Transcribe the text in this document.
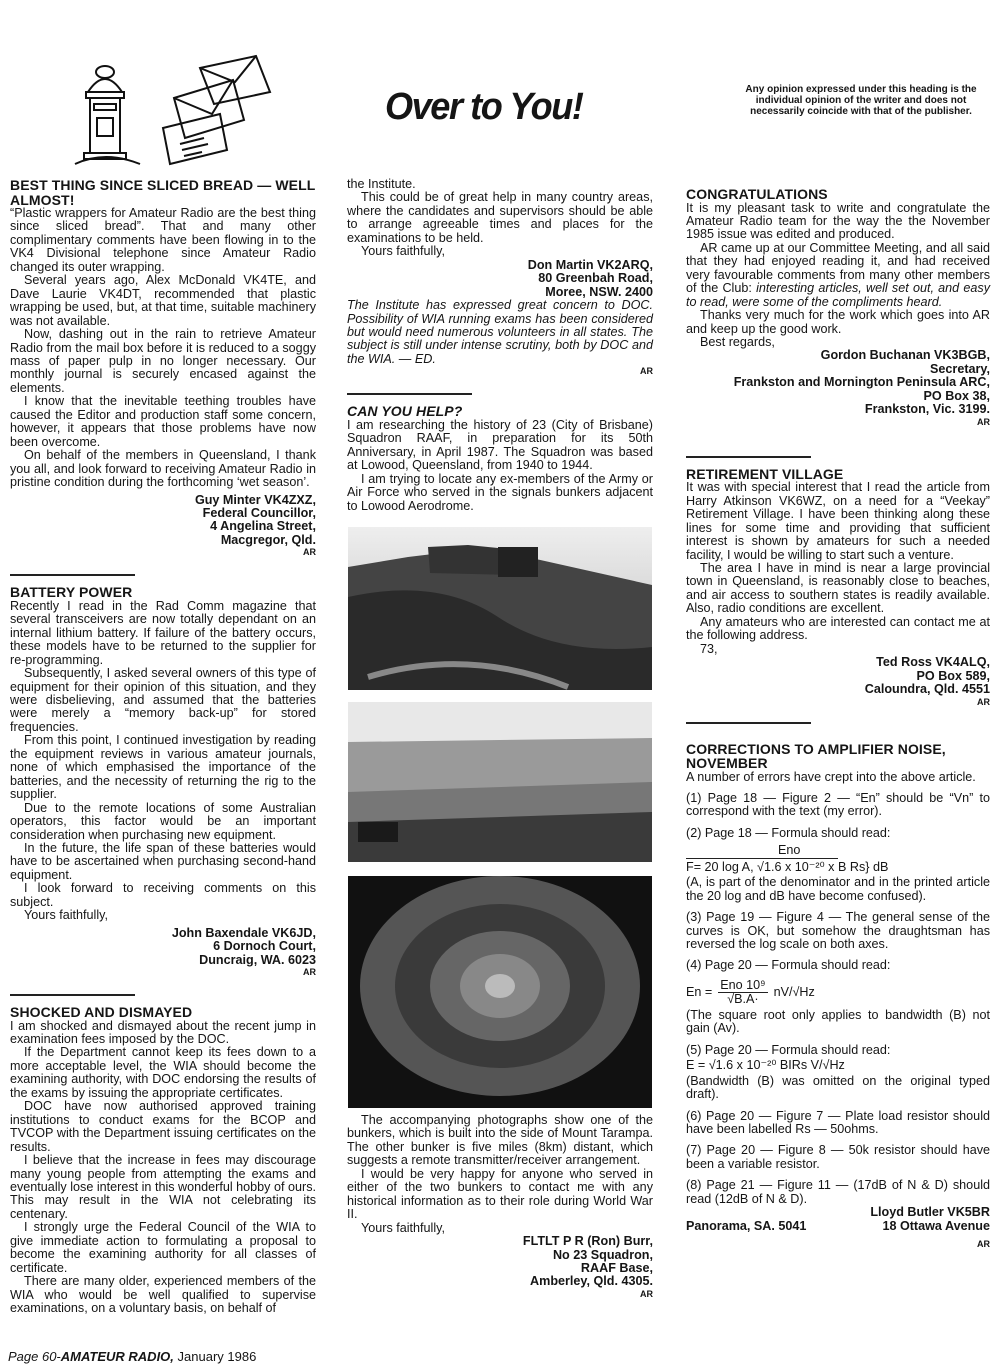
Over to You!	Any opinion expressed under this heading is the individual opinion of the writer and does not necessarily coincide with that of the publisher.
BEST THING SINCE SLICED BREAD — WELL ALMOST!

“Plastic wrappers for Amateur Radio are the best thing since sliced bread”. That and many other complimentary comments have been flowing in to the VK4 Divisional telephone since Amateur Radio changed its outer wrapping.

Several years ago, Alex McDonald VK4TE, and Dave Laurie VK4DT, recommended that plastic wrapping be used, but, at that time, suitable machinery was not available.

Now, dashing out in the rain to retrieve Amateur Radio from the mail box before it is reduced to a soggy mass of paper pulp in no longer necessary. Our monthly journal is securely encased against the elements.

I know that the inevitable teething troubles have caused the Editor and production staff some concern, however, it appears that those problems have now been overcome.

On behalf of the members in Queensland, I thank you all, and look forward to receiving Amateur Radio in pristine condition during the forthcoming ‘wet season’.

Guy Minter VK4ZXZ,
Federal Councillor,
4 Angelina Street,
Macgregor, Qld.
AR
BATTERY POWER

Recently I read in the Rad Comm magazine that several transceivers are now totally dependant on an internal lithium battery. If failure of the battery occurs, these models have to be returned to the supplier for re-programming.

Subsequently, I asked several owners of this type of equipment for their opinion of this situation, and they were disbelieving, and assumed that the batteries were merely a “memory back-up” for stored frequencies.

From this point, I continued investigation by reading the equipment reviews in various amateur journals, none of which emphasised the importance of the batteries, and the necessity of returning the rig to the supplier.

Due to the remote locations of some Australian operators, this factor would be an important consideration when purchasing new equipment.

In the future, the life span of these batteries would have to be ascertained when purchasing second-hand equipment.

I look forward to receiving comments on this subject.

Yours faithfully,

John Baxendale VK6JD,
6 Dornoch Court,
Duncraig, WA. 6023
AR
SHOCKED AND DISMAYED

I am shocked and dismayed about the recent jump in examination fees imposed by the DOC.

If the Department cannot keep its fees down to a more acceptable level, the WIA should become the examining authority, with DOC endorsing the results of the exams by issuing the appropriate certificates.

DOC have now authorised approved training institutions to conduct exams for the BCOP and TVCOP with the Department issuing certificates on the results.

I believe that the increase in fees may discourage many young people from attempting the exams and eventually lose interest in this wonderful hobby of ours. This may result in the WIA not celebrating its centenary.

I strongly urge the Federal Council of the WIA to give immediate action to formulating a proposal to become the examining authority for all classes of certificate.

There are many older, experienced members of the WIA who would be well qualified to supervise examinations, on a voluntary basis, on behalf of

the Institute.

This could be of great help in many country areas, where the candidates and supervisors should be able to arrange agreeable times and places for the examinations to be held.

Yours faithfully,

Don Martin VK2ARQ,
80 Greenbah Road,
Moree, NSW. 2400

The Institute has expressed great concern to DOC. Possibility of WIA running exams has been considered but would need numerous volunteers in all states. The subject is still under intense scrutiny, both by DOC and the WIA. — ED.

AR
CAN YOU HELP?

I am researching the history of 23 (City of Brisbane) Squadron RAAF, in preparation for its 50th Anniversary, in April 1987. The Squadron was based at Lowood, Queensland, from 1940 to 1944.

I am trying to locate any ex-members of the Army or Air Force who served in the signals bunkers adjacent to Lowood Aerodrome.

The accompanying photographs show one of the bunkers, which is built into the side of Mount Tarampa. The other bunker is five miles (8km) distant, which suggests a remote transmitter/receiver arrangement.

I would be very happy for anyone who served in either of the two bunkers to contact me with any historical information as to their role during World War II.

Yours faithfully,

FLTLT P R (Ron) Burr,
No 23 Squadron,
RAAF Base,
Amberley, Qld. 4305.
AR
CONGRATULATIONS

It is my pleasant task to write and congratulate the Amateur Radio team for the way the the November 1985 issue was edited and produced.

AR came up at our Committee Meeting, and all said that they had enjoyed reading it, and had received very favourable comments from many other members of the Club: interesting articles, well set out, and easy to read, were some of the compliments heard.

Thanks very much for the work which goes into AR and keep up the good work.

Best regards,

Gordon Buchanan VK3BGB,
Secretary,
Frankston and Mornington Peninsula ARC,
PO Box 38,
Frankston, Vic. 3199.
AR
RETIREMENT VILLAGE

It was with special interest that I read the article from Harry Atkinson VK6WZ, on a need for a “Veekay” Retirement Village. I have been thinking along these lines for some time and providing that sufficient interest is shown by amateurs for such a needed facility, I would be willing to start such a venture.

The area I have in mind is near a large provincial town in Queensland, is reasonably close to beaches, and air access to southern states is readily available. Also, radio conditions are excellent.

Any amateurs who are interested can contact me at the following address.

73,

Ted Ross VK4ALQ,
PO Box 589,
Caloundra, Qld. 4551
AR
CORRECTIONS TO AMPLIFIER NOISE, NOVEMBER

A number of errors have crept into the above article.

(1) Page 18 — Figure 2 — “En” should be “Vn” to correspond with the text (my error).

(2) Page 18 — Formula should read:

Eno
F= 20 log A, √1.6 x 10⁻²⁰ x B Rs} dB

(A, is part of the denominator and in the printed article the 20 log and dB have become confused).

(3) Page 19 — Figure 4 — The general sense of the curves is OK, but somehow the draughtsman has reversed the log scale on both axes.

(4) Page 20 — Formula should read:

En =
Eno 10⁹
√B.A·
nV/√Hz

(The square root only applies to bandwidth (B) not gain (Av).

(5) Page 20 — Formula should read:

E = √1.6 x 10⁻²⁰ BIRs V/√Hz

(Bandwidth (B) was omitted on the original typed draft).

(6) Page 20 — Figure 7 — Plate load resistor should have been labelled Rs — 50ohms.

(7) Page 20 — Figure 8 — 50k resistor should have been a variable resistor.

(8) Page 21 — Figure 11 — (17dB of N & D) should read (12dB of N & D).

Lloyd Butler VK5BR
Panorama, SA. 5041	18 Ottawa Avenue
AR
Page 60-AMATEUR RADIO, January 1986
